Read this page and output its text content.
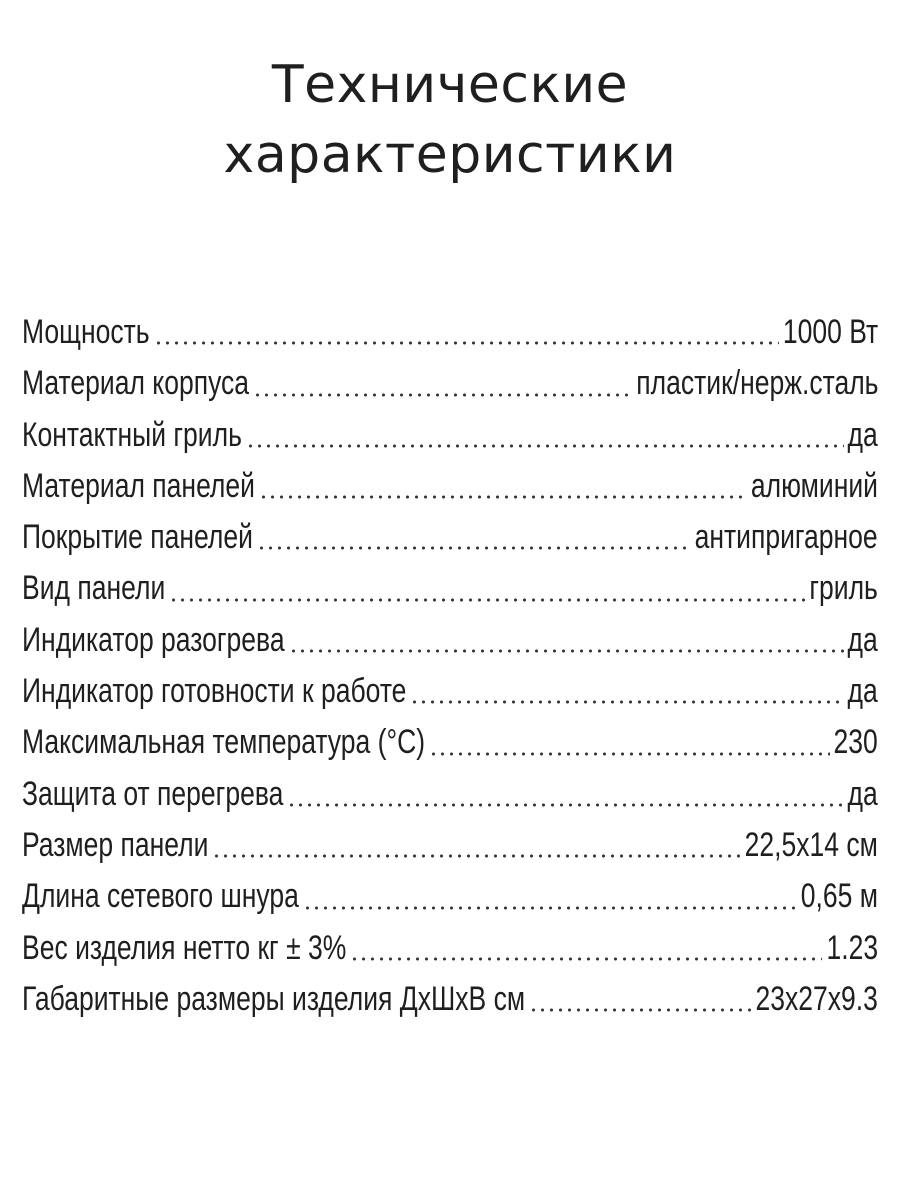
Технические
характеристики
Мощность	1000 Вт
Материал корпуса	пластик/нерж.сталь
Контактный гриль	да
Материал панелей	алюминий
Покрытие панелей	антипригарное
Вид панели	гриль
Индикатор разогрева	да
Индикатор готовности к работе	да
Максимальная температура (°С)	230
Защита от перегрева	да
Размер панели	22,5х14 см
Длина сетевого шнура	0,65 м
Вес изделия нетто кг ± 3%	1.23
Габаритные размеры изделия ДхШхВ см	23х27х9.3
